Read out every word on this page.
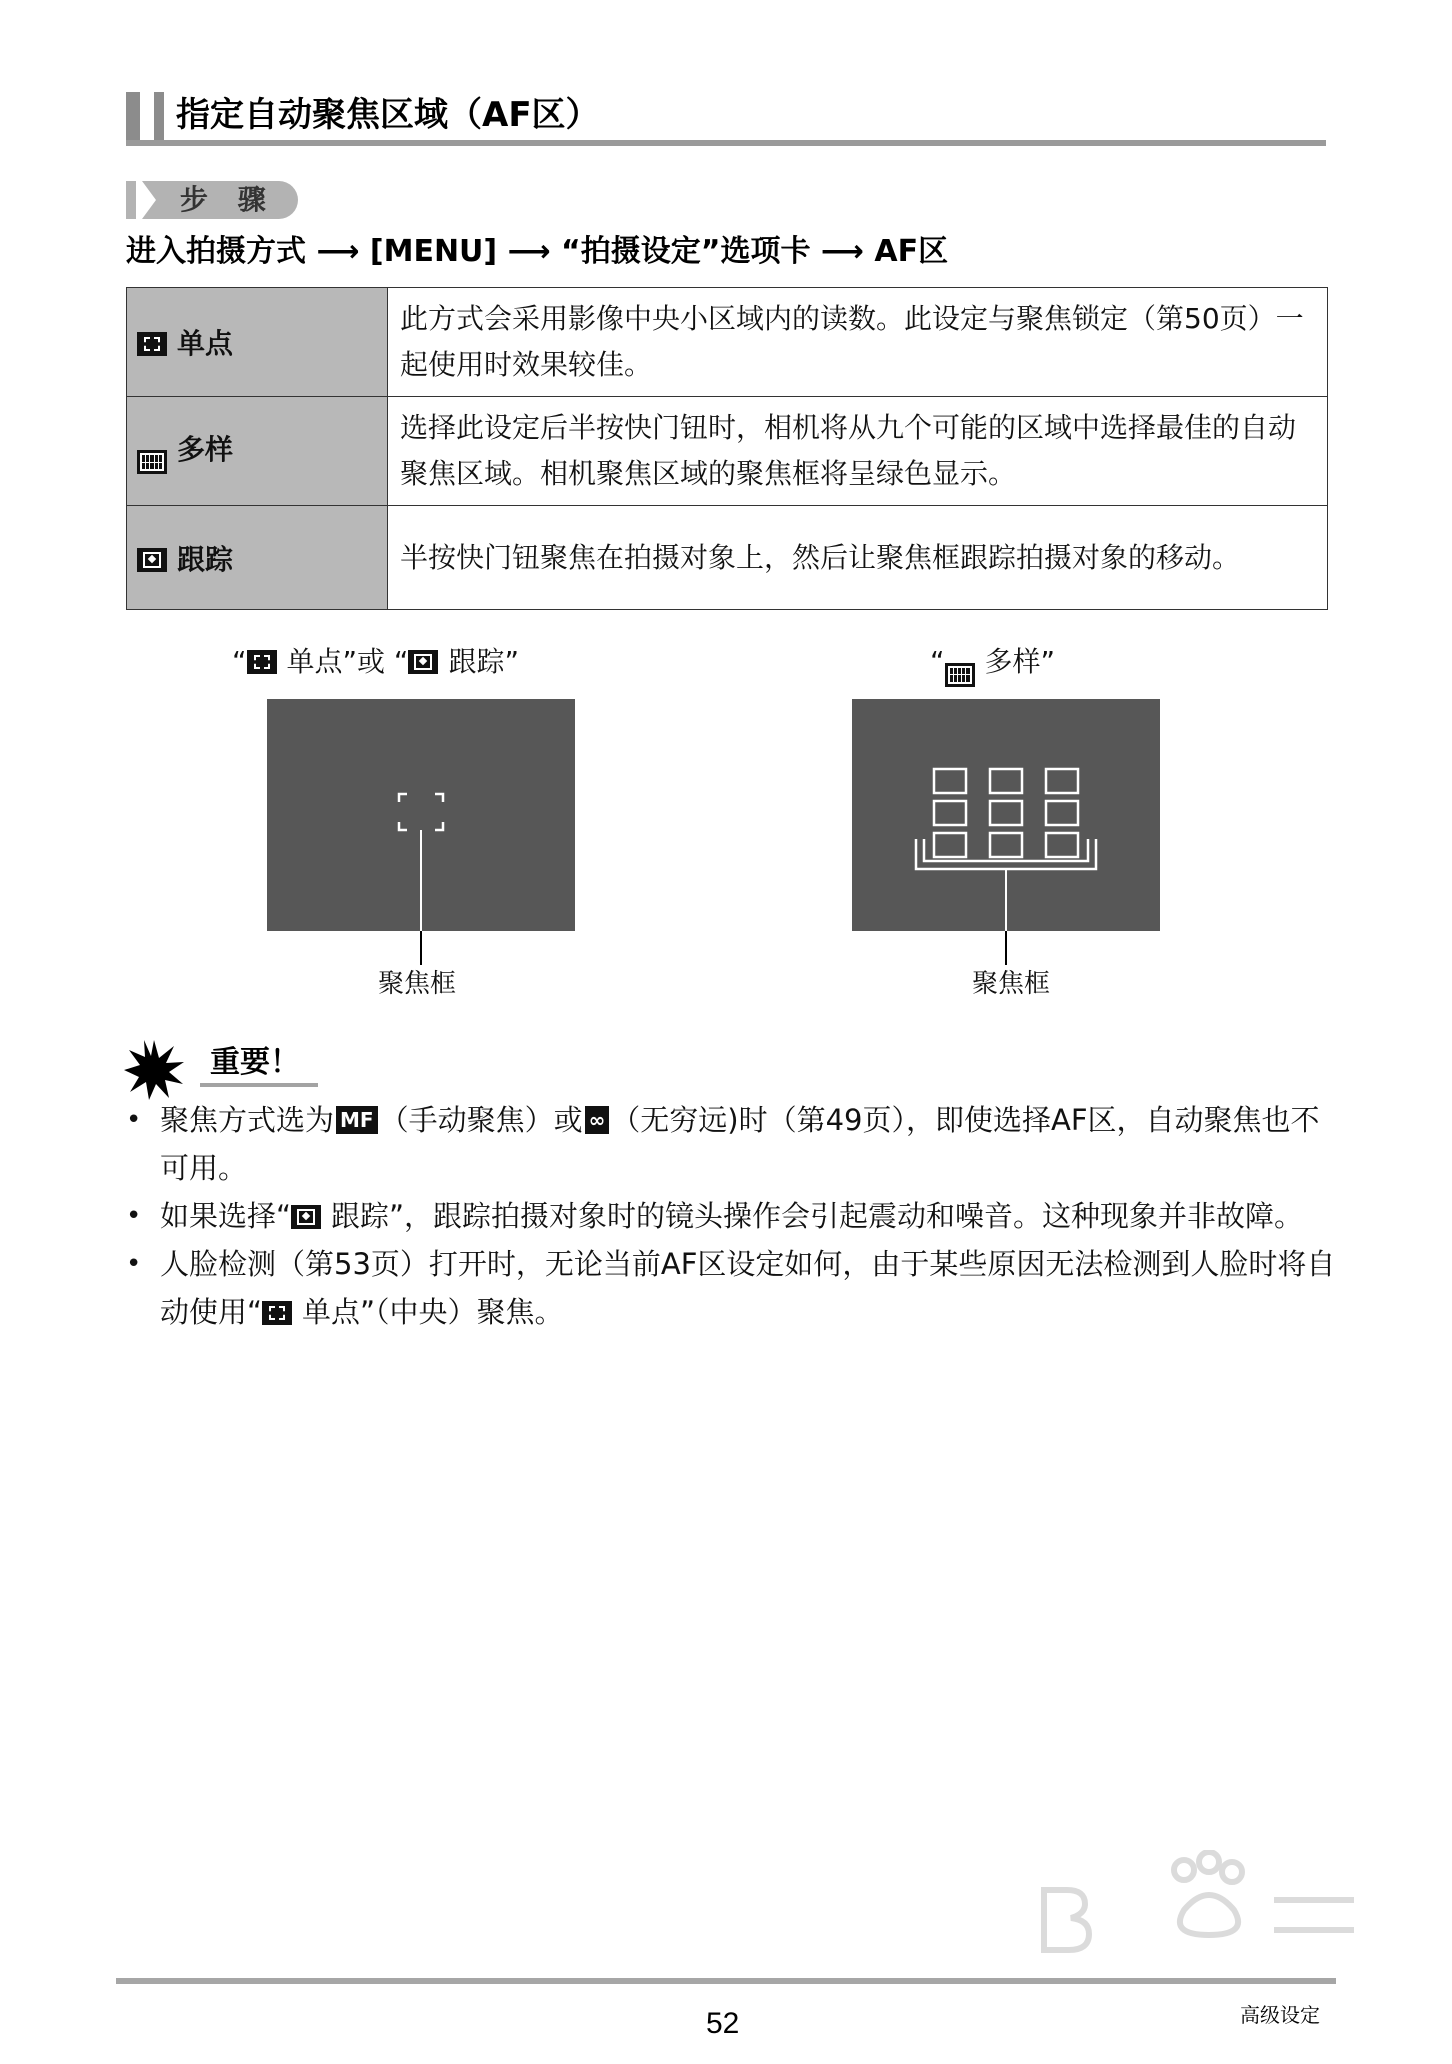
指定自动聚焦区域（AF区）
步 骤
进入拍摄方式 ⟶ [MENU] ⟶ “拍摄设定”选项卡 ⟶ AF区
单点	此方式会采用影像中央小区域内的读数。此设定与聚焦锁定（第50页）一起使用时效果较佳。

多样	选择此设定后半按快门钮时，相机将从九个可能的区域中选择最佳的自动聚焦区域。相机聚焦区域的聚焦框将呈绿色显示。
跟踪	半按快门钮聚焦在拍摄对象上，然后让聚焦框跟踪拍摄对象的移动。
“ 单点”或 “ 跟踪”
聚焦框
“ 多样”
聚焦框
重要！
• 聚焦方式选为 MF （手动聚焦）或 ∞ （无穷远)时（第49页），即使选择AF区，自动聚焦也不可用。
• 如果选择“ 跟踪”，跟踪拍摄对象时的镜头操作会引起震动和噪音。这种现象并非故障。
• 人脸检测（第53页）打开时，无论当前AF区设定如何，由于某些原因无法检测到人脸时将自动使用“ 单点”（中央）聚焦。
52	高级设定
